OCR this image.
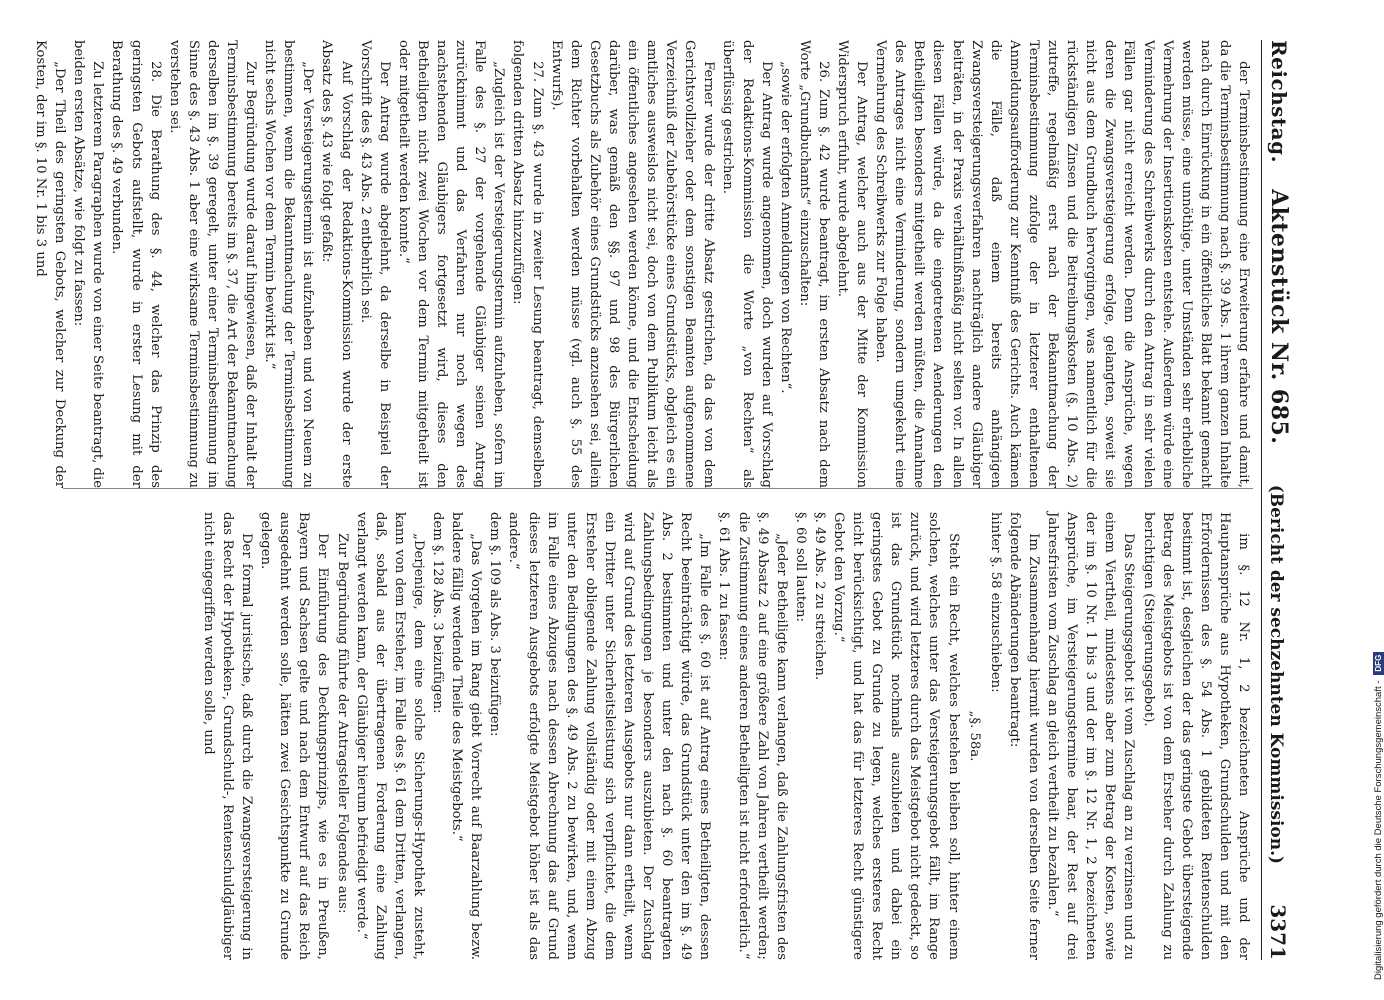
Reichstag.Aktenstück Nr. 685.
(Bericht der sechzehnten Kommission.)
3371

der Terminsbestimmung eine Erweiterung erfahre und damit, da die Terminsbestimmung nach §. 39 Abs. 1 ihrem ganzen Inhalte nach durch Einrückung in ein öffentliches Blatt bekannt gemacht werden müsse, eine unnöthige, unter Umständen sehr erhebliche Vermehrung der Insertionskosten entstehe. Außerdem würde eine Verminderung des Schreibwerks durch den Antrag in sehr vielen Fällen gar nicht erreicht werden. Denn die Ansprüche, wegen deren die Zwangsversteigerung erfolge, gelangten, soweit sie nicht aus dem Grundbuch hervorgingen, was namentlich für die rückständigen Zinsen und die Beitreibungskosten (§. 10 Abs. 2) zutreffe, regelmäßig erst nach der Bekanntmachung der Terminsbestimmung zufolge der in letzterer enthaltenen Anmeldungsaufforderung zur Kenntniß des Gerichts. Auch kämen die Fälle, daß einem bereits anhängigen Zwangsversteigerungsverfahren nachträglich andere Gläubiger beiträten, in der Praxis verhältnißmäßig nicht selten vor. In allen diesen Fällen würde, da die eingetretenen Aenderungen den Betheiligten besonders mitgetheilt werden müßten, die Annahme des Antrages nicht eine Verminderung, sondern umgekehrt eine Vermehrung des Schreibwerks zur Folge haben.

Der Antrag, welcher auch aus der Mitte der Kommission Widerspruch erfuhr, wurde abgelehnt.

26. Zum §. 42 wurde beantragt, im ersten Absatz nach dem Worte „Grundbuchamts“ einzuschalten:

„sowie der erfolgten Anmeldungen von Rechten“.

Der Antrag wurde angenommen, doch wurden auf Vorschlag der Redaktions-Kommission die Worte „von Rechten“ als überflüssig gestrichen.

Ferner wurde der dritte Absatz gestrichen, da das von dem Gerichtsvollzieher oder dem sonstigen Beamten aufgenommene Verzeichniß der Zubehörstücke eines Grundstücks, obgleich es ein amtliches ausweislos nicht sei, doch von dem Publikum leicht als ein öffentliches angesehen werden könne, und die Entscheidung darüber, was gemäß den §§. 97 und 98 des Bürgerlichen Gesetzbuchs als Zubehör eines Grundstücks anzusehen sei, allein dem Richter vorbehalten werden müsse (vgl. auch §. 55 des Entwurfs).

27. Zum §. 43 wurde in zweiter Lesung beantragt, demselben folgenden dritten Absatz hinzuzufügen:

„Zugleich ist der Versteigerungstermin aufzuheben, sofern im Falle des §. 27 der vorgehende Gläubiger seinen Antrag zurücknimmt und das Verfahren nur noch wegen des nachstehenden Gläubigers fortgesetzt wird, dieses den Betheiligten nicht zwei Wochen vor dem Termin mitgetheilt ist oder mitgetheilt werden konnte.“

Der Antrag wurde abgelehnt, da derselbe in Beispiel der Vorschrift des §. 43 Abs. 2 entbehrlich sei.

Auf Vorschlag der Redaktions-Kommission wurde der erste Absatz des §. 43 wie folgt gefaßt:

„Der Versteigerungstermin ist aufzuheben und von Neuem zu bestimmen, wenn die Bekanntmachung der Terminsbestimmung nicht sechs Wochen vor dem Termin bewirkt ist.“

Zur Begründung wurde darauf hingewiesen, daß der Inhalt der Terminsbestimmung bereits im §. 37, die Art der Bekanntmachung derselben im §. 39 geregelt, unter einer Terminsbestimmung im Sinne des §. 43 Abs. 1 aber eine wirksame Terminsbestimmung zu verstehen sei.

28. Die Berathung des §. 44, welcher das Prinzip des geringsten Gebots aufstellt, wurde in erster Lesung mit der Berathung des §. 49 verbunden.

Zu letzterem Paragraphen wurde von einer Seite beantragt, die beiden ersten Absätze, wie folgt zu fassen:

„Der Theil des geringsten Gebots, welcher zur Deckung der Kosten, der im §. 10 Nr. 1 bis 3 und

im §. 12 Nr. 1, 2 bezeichneten Ansprüche und der Hauptansprüche aus Hypotheken, Grundschulden und mit den Erfordernissen des §. 54 Abs. 1 gebildeten Rentenschulden bestimmt ist, desgleichen der das geringste Gebot übersteigende Betrag des Meistgebots ist von dem Ersteher durch Zahlung zu berichtigen (Steigerungsgebot).

Das Steigerungsgebot ist vom Zuschlag an zu verzinsen und zu einem Viertheil, mindestens aber zum Betrag der Kosten, sowie der im §. 10 Nr. 1 bis 3 und der im §. 12 Nr. 1, 2 bezeichneten Ansprüche, im Versteigerungstermine baar, der Rest auf drei Jahresfristen vom Zuschlag an gleich vertheilt zu bezahlen.“

Im Zusammenhang hiermit wurden von derselben Seite ferner folgende Abänderungen beantragt:

hinter §. 58 einzuschieben:

„§. 58a.

Steht ein Recht, welches bestehen bleiben soll, hinter einem solchen, welches unter das Versteigerungsgebot fällt, im Range zurück, und wird letzteres durch das Meistgebot nicht gedeckt, so ist das Grundstück nochmals auszubieten und dabei ein geringstes Gebot zu Grunde zu legen, welches ersteres Recht nicht berücksichtigt, und hat das für letzteres Recht günstigere Gebot den Vorzug.“

§. 49 Abs. 2 zu streichen.

§. 60 soll lauten:

„Jeder Betheiligte kann verlangen, daß die Zahlungsfristen des §. 49 Absatz 2 auf eine größere Zahl von Jahren vertheilt werden; die Zustimmung eines anderen Betheiligten ist nicht erforderlich.“

§. 61 Abs. 1 zu fassen:

„Im Falle des §. 60 ist auf Antrag eines Betheiligten, dessen Recht beeinträchtigt würde, das Grundstück unter den im §. 49 Abs. 2 bestimmten und unter den nach §. 60 beantragten Zahlungsbedingungen je besonders auszubieten. Der Zuschlag wird auf Grund des letzteren Ausgebots nur dann ertheilt, wenn ein Dritter unter Sicherheitsleistung sich verpflichtet, die dem Ersteher obliegende Zahlung vollständig oder mit einem Abzug unter den Bedingungen des §. 49 Abs. 2 zu bewirken, und, wenn im Falle eines Abzuges nach dessen Abrechnung das auf Grund dieses letzteren Ausgebots erfolgte Meistgebot höher ist als das andere.“

dem §. 109 als Abs. 3 beizufügen:

„Das Vorgehen im Rang giebt Vorrecht auf Baarzahlung bezw. baldere fällig werdende Theile des Meistgebots.“

dem §. 128 Abs. 3 beizufügen:

„Derjenige, dem eine solche Sicherungs-Hypothek zusteht, kann von dem Ersteher, im Falle des §. 61 dem Dritten, verlangen, daß, sobald aus der übertragenen Forderung eine Zahlung verlangt werden kann, der Gläubiger hierum befriedigt werde.“

Zur Begründung führte der Antragsteller Folgendes aus:

Der Einführung des Deckungsprinzips, wie es in Preußen, Bayern und Sachsen gelte und nach dem Entwurf auf das Reich ausgedehnt werden solle, hätten zwei Gesichtspunkte zu Grunde gelegen.

Der formal juristische, daß durch die Zwangsversteigerung in das Recht der Hypotheken-, Grundschuld-, Rentenschuldgläubiger nicht eingegriffen werden solle, und

Digitalisierung gefördert durch die Deutsche Forschungsgemeinschaft -
DFG
